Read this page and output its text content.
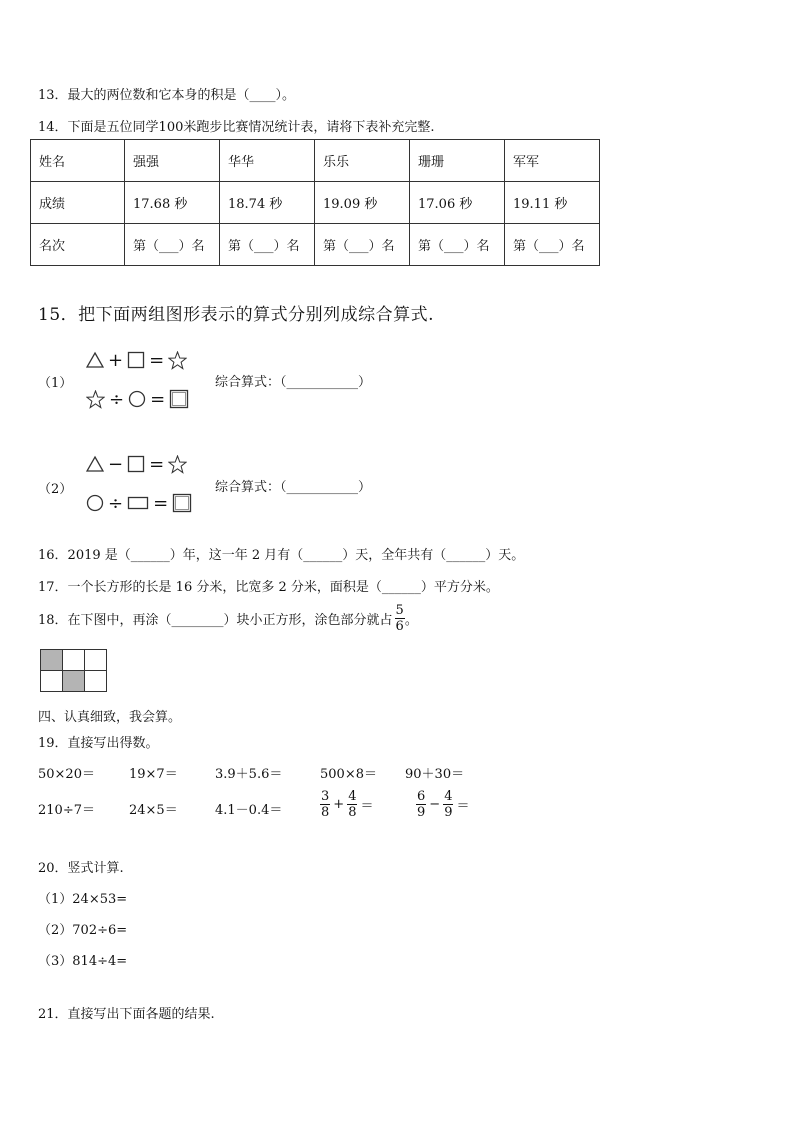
13．最大的两位数和它本身的积是（____）。
14．下面是五位同学100米跑步比赛情况统计表，请将下表补充完整.
姓名	强强	华华	乐乐	珊珊	军军
成绩	17.68 秒	18.74 秒	19.09 秒	17.06 秒	19.11 秒
名次	第（___）名	第（___）名	第（___）名	第（___）名	第（___）名
15．把下面两组图形表示的算式分别列成综合算式.
（1）
+ =
÷ =
综合算式：（___________）
（2）
− =
÷ =
综合算式：（___________）
16．2019 是（______）年，这一年 2 月有（______）天，全年共有（______）天。
17．一个长方形的长是 16 分米，比宽多 2 分米，面积是（______）平方分米。
18．在下图中，再涂（________）块小正方形，涂色部分就占 $\frac{5}{6}$ 。

四、认真细致，我会算。
19．直接写出得数。
50×20＝	19×7＝	3.9＋5.6＝	500×8＝ 90＋30＝
210÷7＝	24×5＝	4.1－0.4＝	$\frac{3}{8} + \frac{4}{8}$ ＝	$\frac{6}{9} - \frac{4}{9}$ ＝
20．竖式计算.
（1）24×53=
（2）702÷6=
（3）814÷4=
21．直接写出下面各题的结果.
